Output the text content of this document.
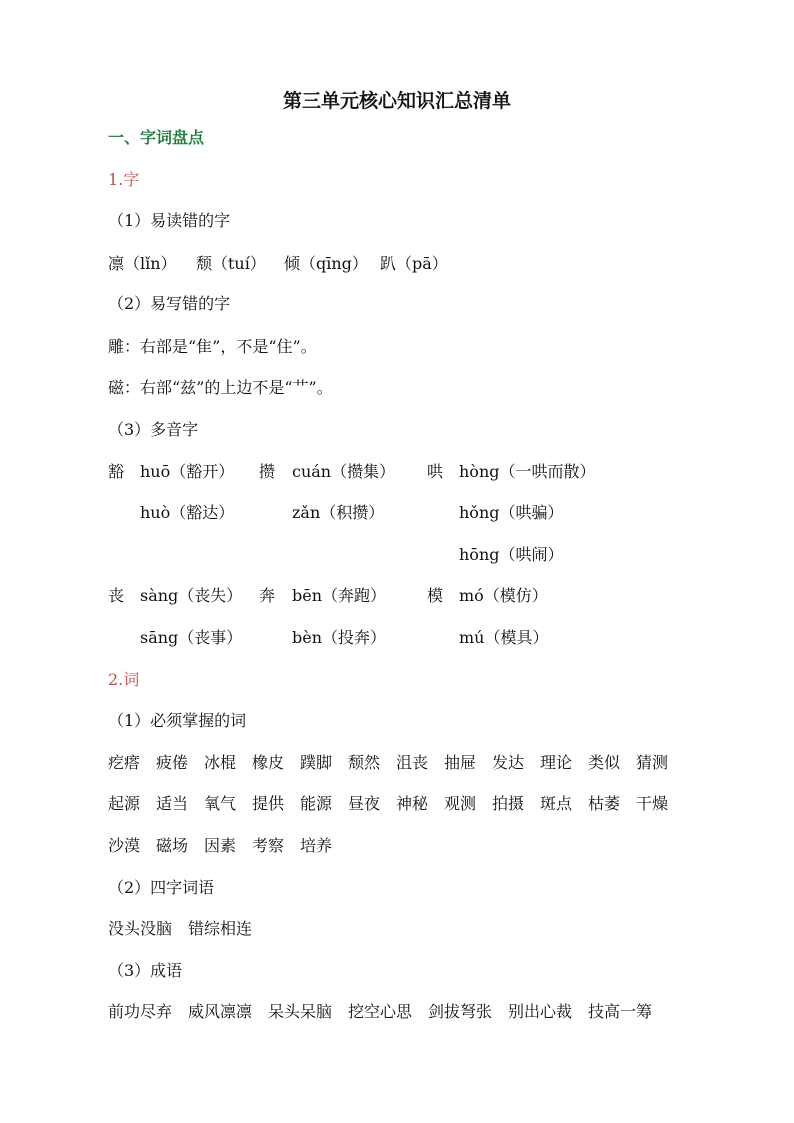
第三单元核心知识汇总清单
一、字词盘点
1.字
（1）易读错的字
凛（lǐn） 颓（tuí） 倾（qīng） 趴（pā）
（2）易写错的字
雕：右部是“隹”，不是“住”。
磁：右部“兹”的上边不是“艹”。
（3）多音字
豁 huō（豁开）
huò（豁达）
攒 cuán（攒集）
zǎn（积攒）
哄 hòng（一哄而散）
hǒng（哄骗）
hōng（哄闹）
丧 sàng（丧失）
sāng（丧事）
奔 bēn（奔跑）
bèn（投奔）
模 mó（模仿）
mú（模具）
2.词
（1）必须掌握的词
疙瘩 疲倦 冰棍 橡皮 蹼脚 颓然 沮丧 抽屉 发达 理论 类似 猜测
起源 适当 氧气 提供 能源 昼夜 神秘 观测 拍摄 斑点 枯萎 干燥
沙漠 磁场 因素 考察 培养
（2）四字词语
没头没脑 错综相连
（3）成语
前功尽弃 威风凛凛 呆头呆脑 挖空心思 剑拔弩张 别出心裁 技高一筹
